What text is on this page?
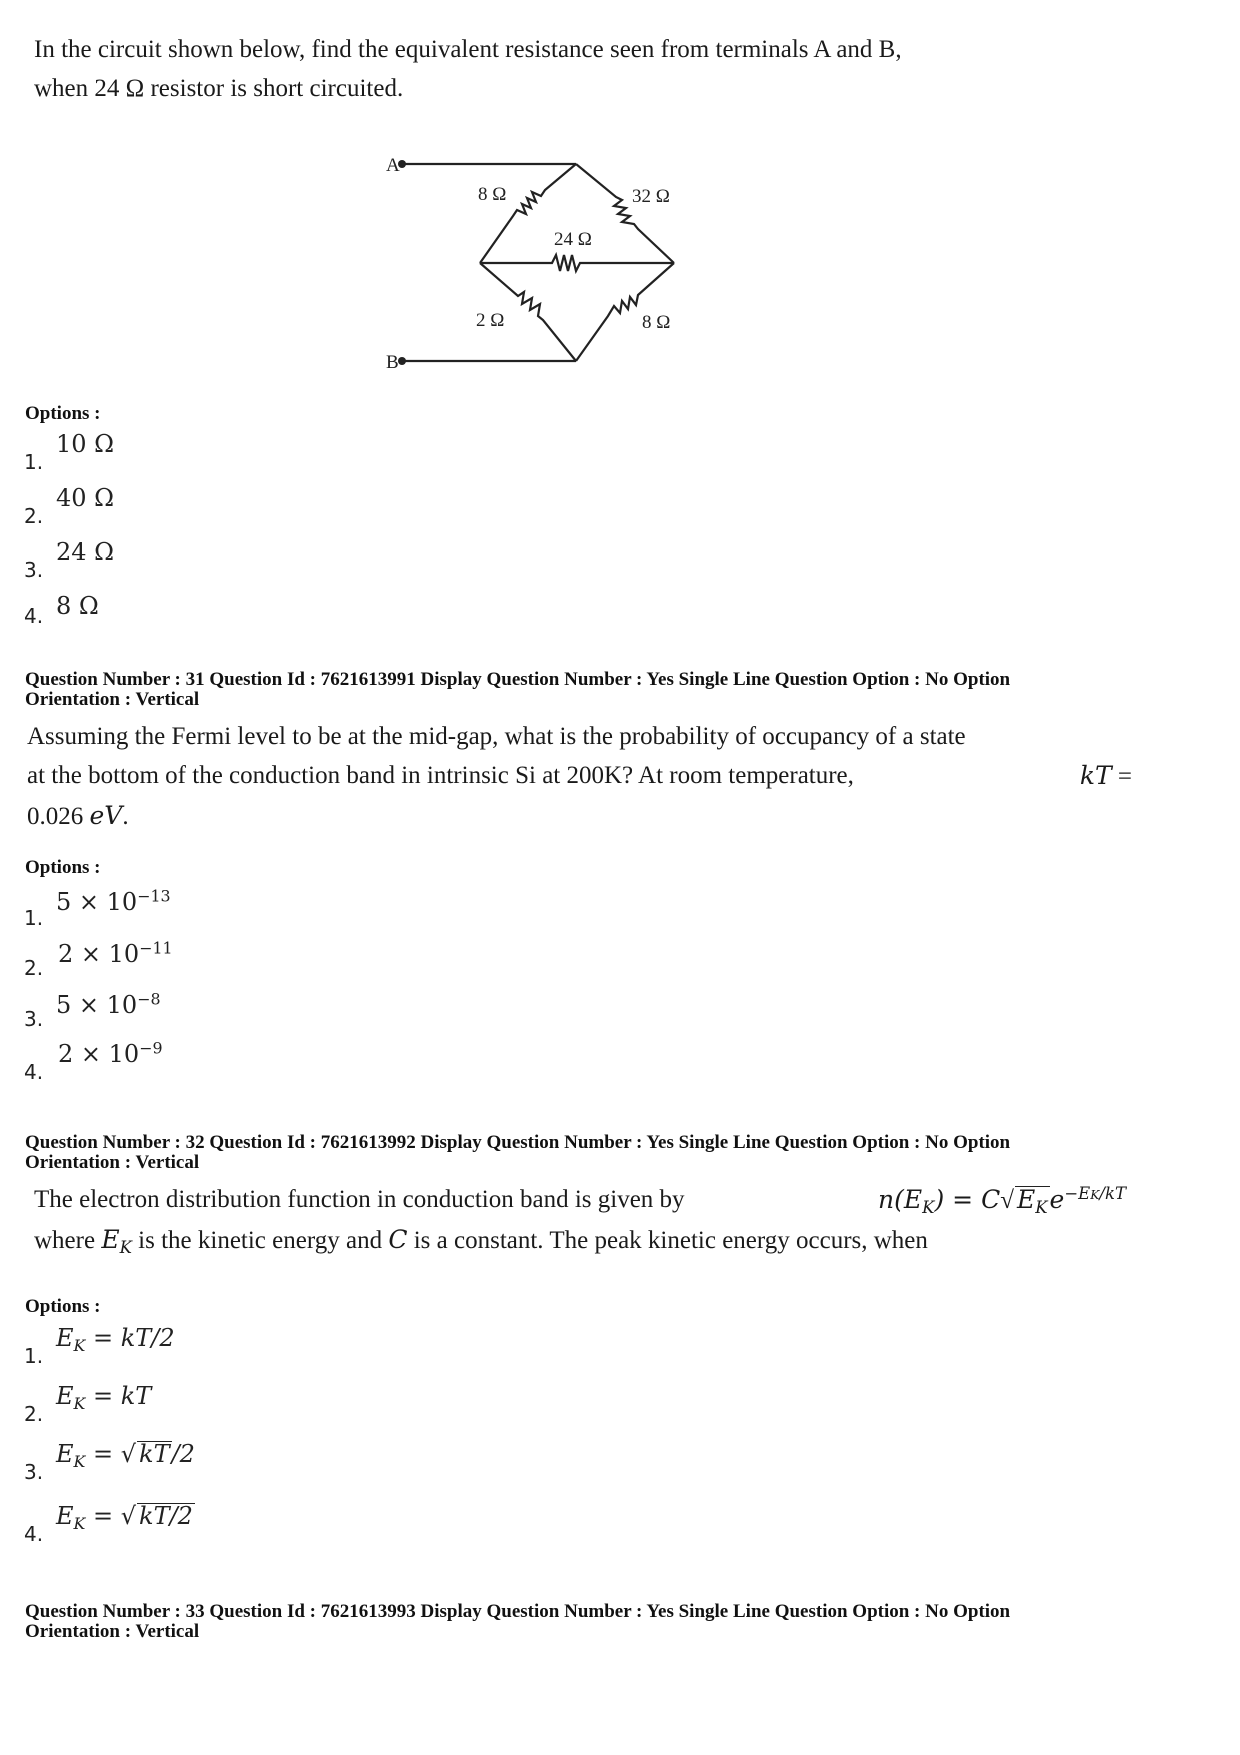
In the circuit shown below, find the equivalent resistance seen from terminals A and B,

when 24 Ω resistor is short circuited.

A
B
8 Ω	32 Ω
24 Ω
2 Ω	8 Ω
Options :
1.
10 Ω
2.
40 Ω
3.
24 Ω
4. 8 Ω
Question Number : 31 Question Id : 7621613991 Display Question Number : Yes Single Line Question Option : No Option
Orientation : Vertical

Assuming the Fermi level to be at the mid-gap, what is the probability of occupancy of a state

at the bottom of the conduction band in intrinsic Si at 200K? At room temperature,	kT =

0.026 eV.

Options :
1.
$5 \times 10^{-13}$
2. $2 \times 10^{-11}$
3. $5 \times 10^{-8}$
4.
$2 \times 10^{-9}$
Question Number : 32 Question Id : 7621613992 Display Question Number : Yes Single Line Question Option : No Option
Orientation : Vertical

The electron distribution function in conduction band is given by	$n(E_K) = C√$ $E_Ke^{-EK/kT}$

where $E_K$ is the kinetic energy and C is a constant. The peak kinetic energy occurs, when

Options :
1.
$E_K = kT/2$
2.
$E_K$ = kT
3.
$E_K$ = √ kT/2
4.
$E_K$ = √ kT/2
Question Number : 33 Question Id : 7621613993 Display Question Number : Yes Single Line Question Option : No Option
Orientation : Vertical
